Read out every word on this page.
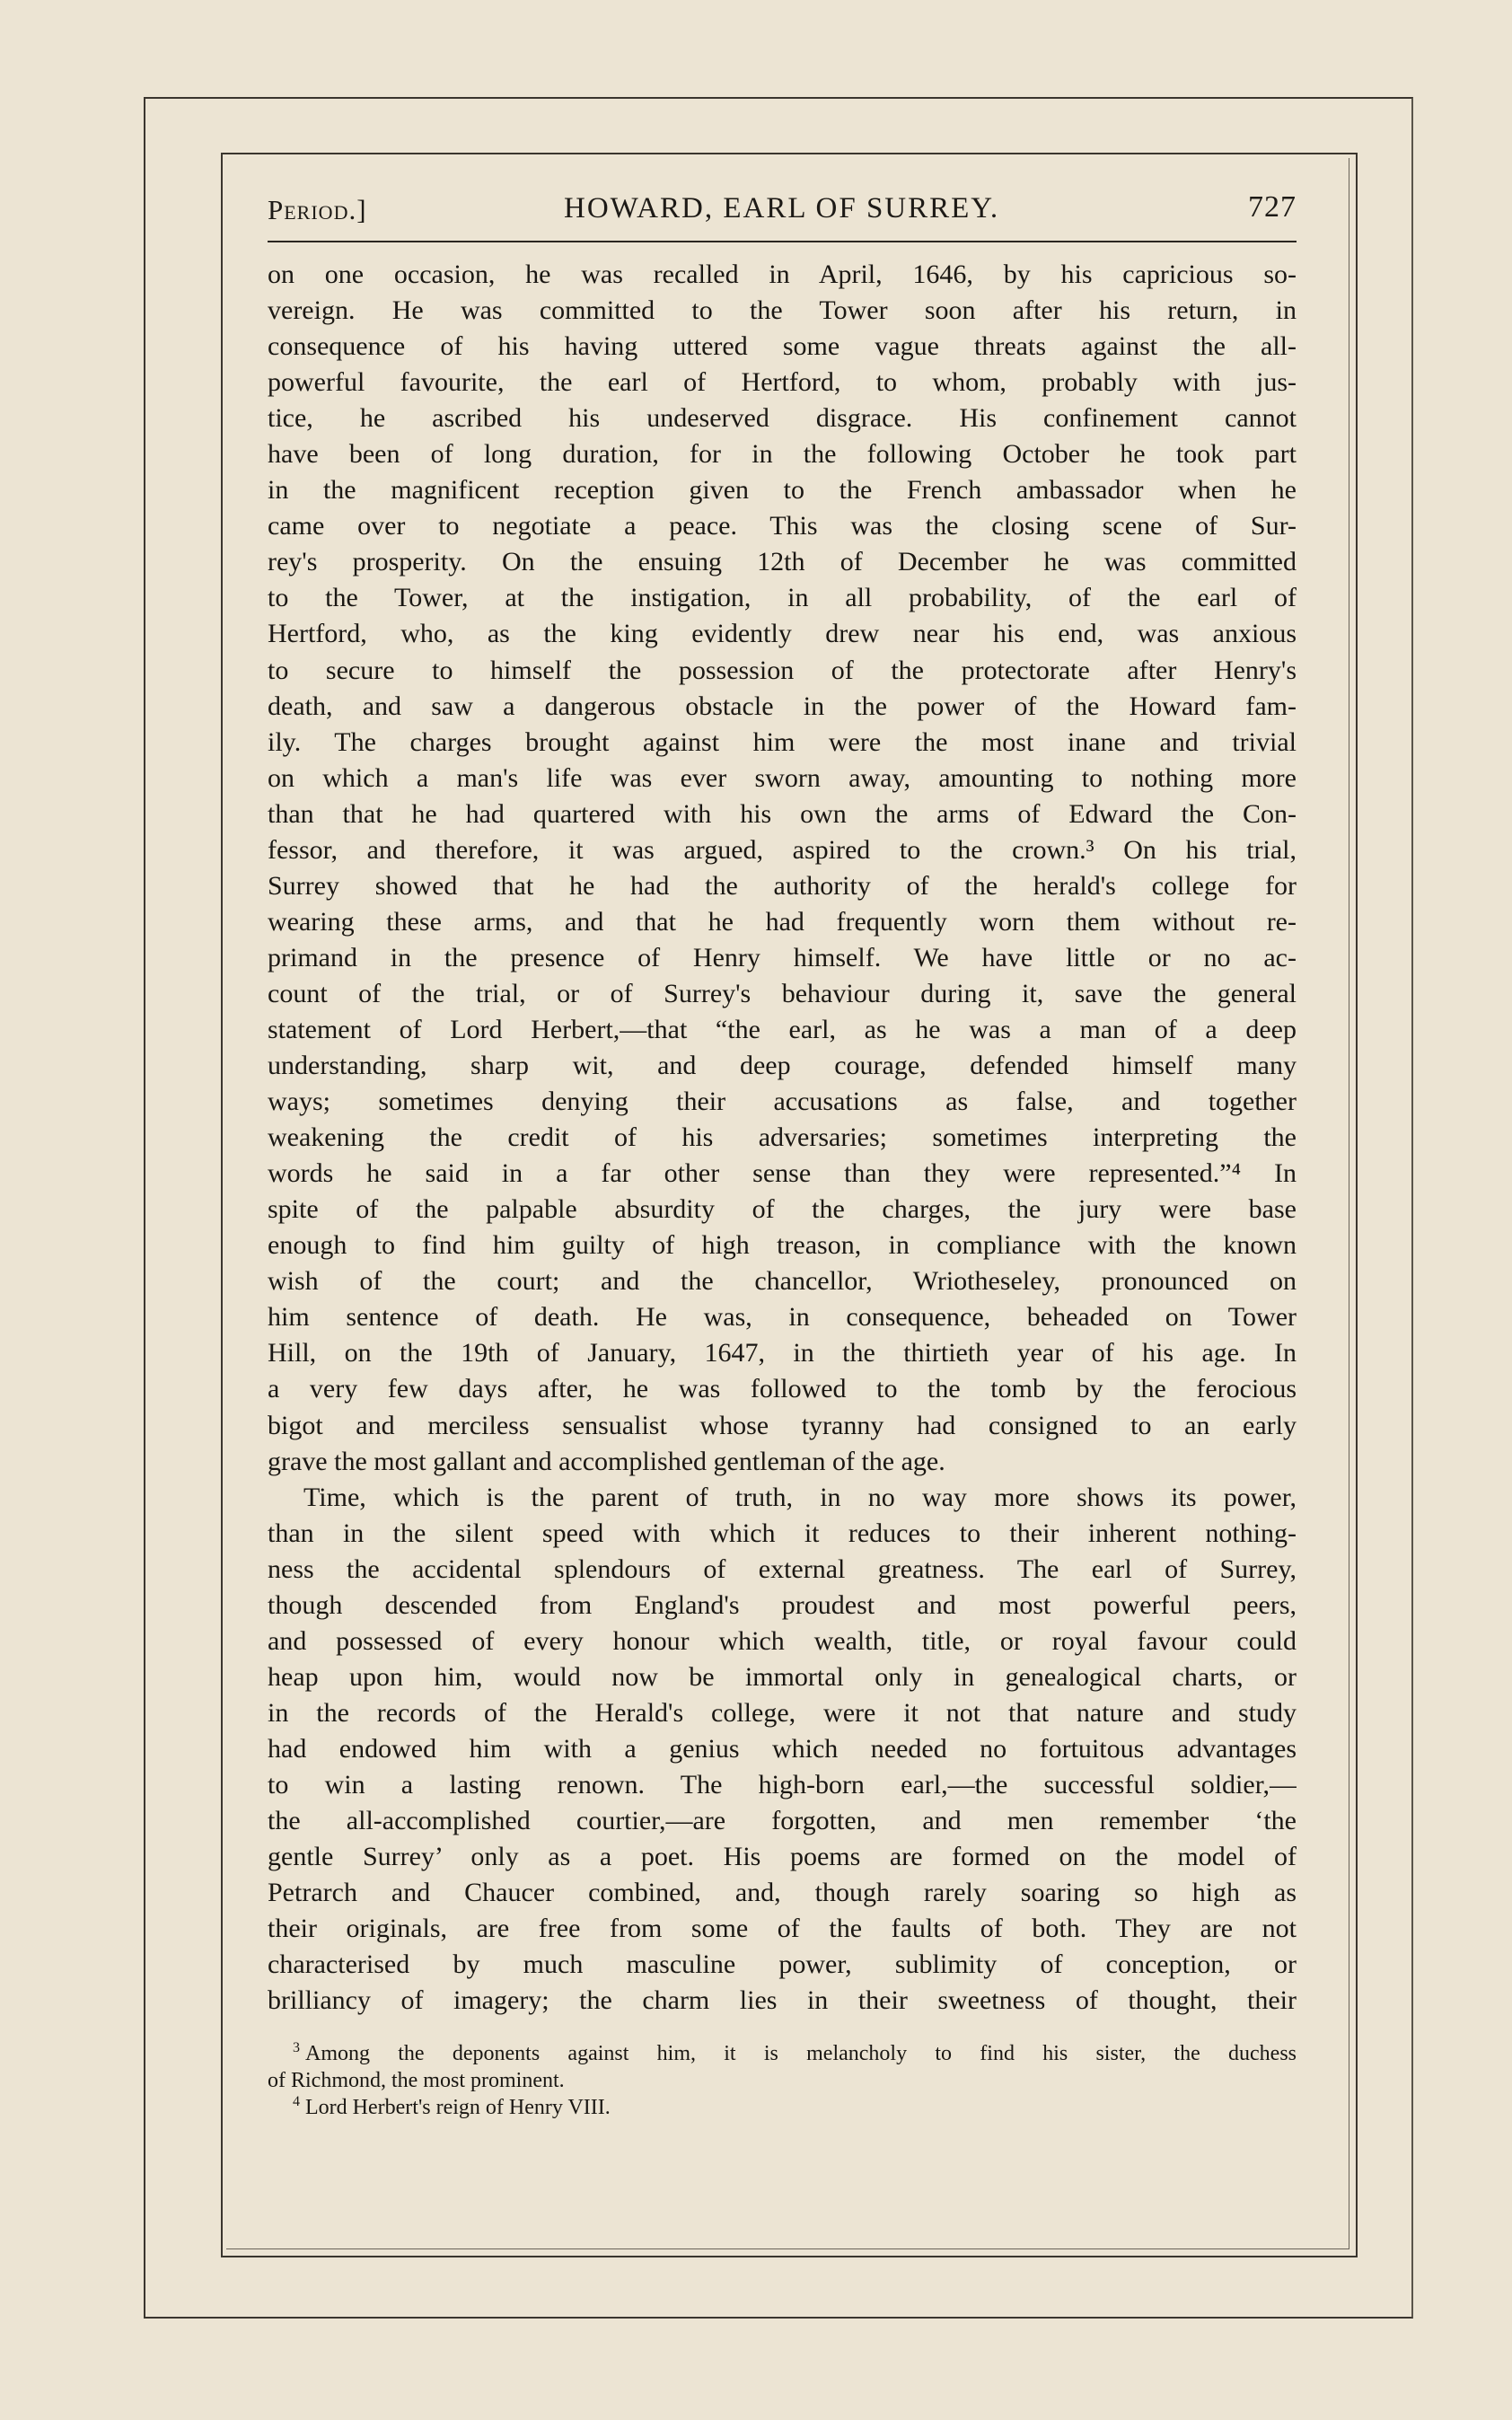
Period.]	HOWARD, EARL OF SURREY.	727
on one occasion, he was recalled in April, 1646, by his capricious so-
vereign. He was committed to the Tower soon after his return, in
consequence of his having uttered some vague threats against the all-
powerful favourite, the earl of Hertford, to whom, probably with jus-
tice, he ascribed his undeserved disgrace. His confinement cannot
have been of long duration, for in the following October he took part
in the magnificent reception given to the French ambassador when he
came over to negotiate a peace. This was the closing scene of Sur-
rey's prosperity. On the ensuing 12th of December he was committed
to the Tower, at the instigation, in all probability, of the earl of
Hertford, who, as the king evidently drew near his end, was anxious
to secure to himself the possession of the protectorate after Henry's
death, and saw a dangerous obstacle in the power of the Howard fam-
ily. The charges brought against him were the most inane and trivial
on which a man's life was ever sworn away, amounting to nothing more
than that he had quartered with his own the arms of Edward the Con-
fessor, and therefore, it was argued, aspired to the crown.³ On his trial,
Surrey showed that he had the authority of the herald's college for
wearing these arms, and that he had frequently worn them without re-
primand in the presence of Henry himself. We have little or no ac-
count of the trial, or of Surrey's behaviour during it, save the general
statement of Lord Herbert,—that “the earl, as he was a man of a deep
understanding, sharp wit, and deep courage, defended himself many
ways; sometimes denying their accusations as false, and together
weakening the credit of his adversaries; sometimes interpreting the
words he said in a far other sense than they were represented.”⁴ In
spite of the palpable absurdity of the charges, the jury were base
enough to find him guilty of high treason, in compliance with the known
wish of the court; and the chancellor, Wriotheseley, pronounced on
him sentence of death. He was, in consequence, beheaded on Tower
Hill, on the 19th of January, 1647, in the thirtieth year of his age. In
a very few days after, he was followed to the tomb by the ferocious
bigot and merciless sensualist whose tyranny had consigned to an early
grave the most gallant and accomplished gentleman of the age.
Time, which is the parent of truth, in no way more shows its power,
than in the silent speed with which it reduces to their inherent nothing-
ness the accidental splendours of external greatness. The earl of Surrey,
though descended from England's proudest and most powerful peers,
and possessed of every honour which wealth, title, or royal favour could
heap upon him, would now be immortal only in genealogical charts, or
in the records of the Herald's college, were it not that nature and study
had endowed him with a genius which needed no fortuitous advantages
to win a lasting renown. The high-born earl,—the successful soldier,—
the all-accomplished courtier,—are forgotten, and men remember ‘the
gentle Surrey’ only as a poet. His poems are formed on the model of
Petrarch and Chaucer combined, and, though rarely soaring so high as
their originals, are free from some of the faults of both. They are not
characterised by much masculine power, sublimity of conception, or
brilliancy of imagery; the charm lies in their sweetness of thought, their
$^3$ Among the deponents against him, it is melancholy to find his sister, the duchess
of Richmond, the most prominent.
$^4$ Lord Herbert's reign of Henry VIII.
